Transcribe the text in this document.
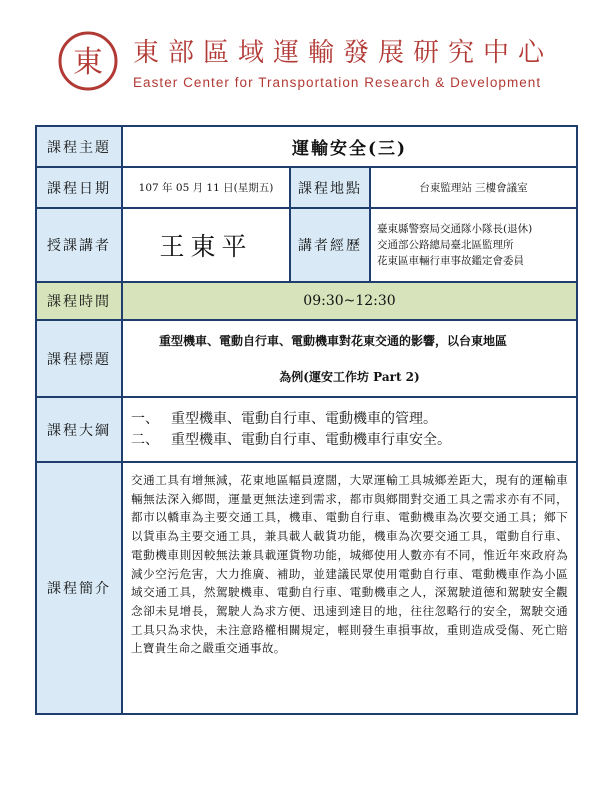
東 東部區域運輸發展研究中心
Easter Center for Transportation Research & Development
課程主題	運輸安全(三)		
課程日期	107 年 05 月 11 日(星期五)	課程地點	台東監理站 三樓會議室
授課講者	王東平	講者經歷	臺東縣警察局交通隊小隊長(退休)
交通部公路總局臺北區監理所
花東區車輛行車事故鑑定會委員

課程時間	09:30~12:30		
課程標題	重型機車、電動自行車、電動機車對花東交通的影響，以台東地區
為例(運安工作坊 Part 2)		

課程大綱	一、 重型機車、電動自行車、電動機車的管理。
二、 重型機車、電動自行車、電動機車行車安全。		

課程簡介	交通工具有增無減，花東地區幅員遼闊，大眾運輸工具城鄉差距大，現有的運輸車輛無法深入鄉間，運量更無法達到需求，都市與鄉間對交通工具之需求亦有不同，都市以轎車為主要交通工具，機車、電動自行車、電動機車為次要交通工具；鄉下以貨車為主要交通工具，兼具載人載貨功能，機車為次要交通工具，電動自行車、電動機車則因較無法兼具載運貨物功能，城鄉使用人數亦有不同，惟近年來政府為減少空污危害，大力推廣、補助，並建議民眾使用電動自行車、電動機車作為小區域交通工具，然駕駛機車、電動自行車、電動機車之人，深駕駛道德和駕駛安全觀念卻未見增長，駕駛人為求方便、迅速到達目的地，往往忽略行的安全，駕駛交通工具只為求快，未注意路權相關規定，輕則發生車損事故，重則造成受傷、死亡賠上寶貴生命之嚴重交通事故。		
